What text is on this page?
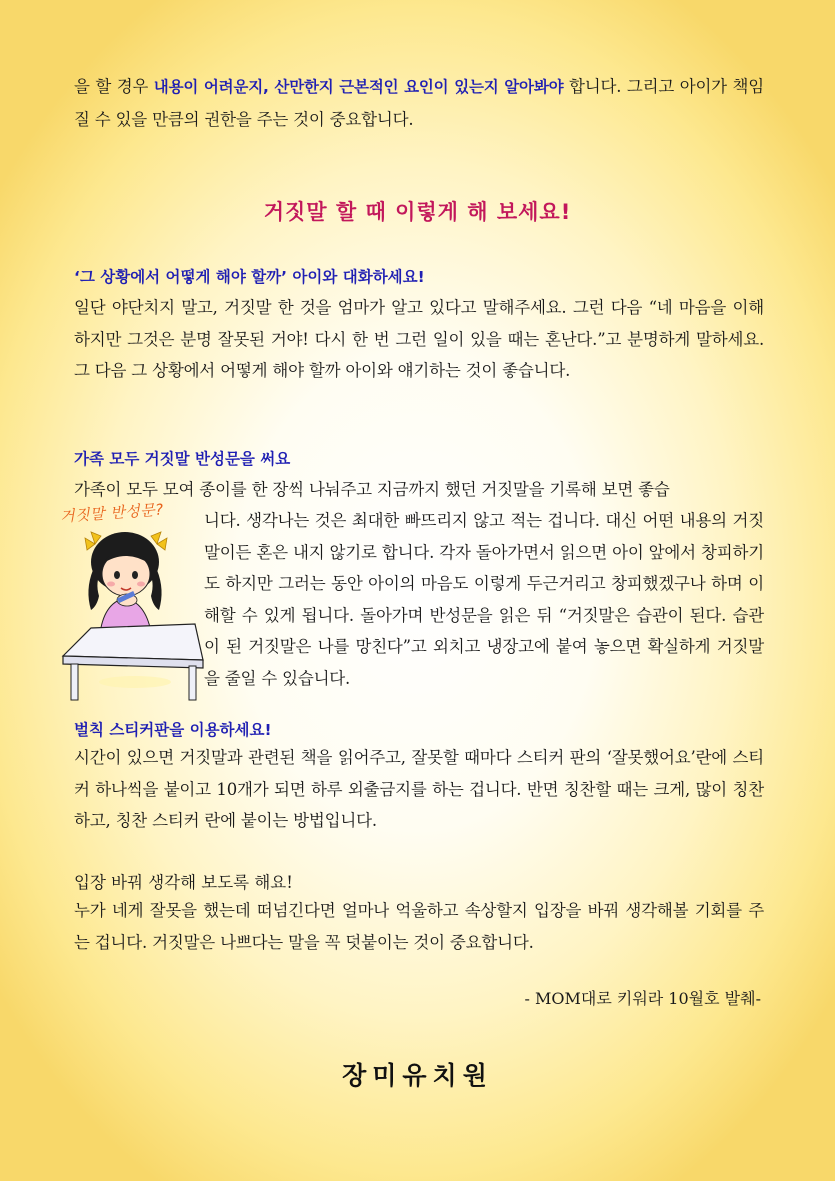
을 할 경우 내용이 어려운지, 산만한지 근본적인 요인이 있는지 알아봐야 합니다. 그리고 아이가 책임질 수 있을 만큼의 권한을 주는 것이 중요합니다.

거짓말 할 때 이렇게 해 보세요!
‘그 상황에서 어떻게 해야 할까’ 아이와 대화하세요!

일단 야단치지 말고, 거짓말 한 것을 엄마가 알고 있다고 말해주세요. 그런 다음 “네 마음을 이해 하지만 그것은 분명 잘못된 거야! 다시 한 번 그런 일이 있을 때는 혼난다.”고 분명하게 말하세요. 그 다음 그 상황에서 어떻게 해야 할까 아이와 얘기하는 것이 좋습니다.

가족 모두 거짓말 반성문을 써요

가족이 모두 모여 종이를 한 장씩 나눠주고 지금까지 했던 거짓말을 기록해 보면 좋습

거짓말 반성문? 니다. 생각나는 것은 최대한 빠뜨리지 않고 적는 겁니다. 대신 어떤 내용의 거짓말이든 혼은 내지 않기로 합니다. 각자 돌아가면서 읽으면 아이 앞에서 창피하기도 하지만 그러는 동안 아이의 마음도 이렇게 두근거리고 창피했겠구나 하며 이해할 수 있게 됩니다. 돌아가며 반성문을 읽은 뒤 “거짓말은 습관이 된다. 습관이 된 거짓말은 나를 망친다”고 외치고 냉장고에 붙여 놓으면 확실하게 거짓말을 줄일 수 있습니다.

벌칙 스티커판을 이용하세요!

시간이 있으면 거짓말과 관련된 책을 읽어주고, 잘못할 때마다 스티커 판의 ‘잘못했어요’란에 스티커 하나씩을 붙이고 10개가 되면 하루 외출금지를 하는 겁니다. 반면 칭찬할 때는 크게, 많이 칭찬하고, 칭찬 스티커 란에 붙이는 방법입니다.

입장 바꿔 생각해 보도록 해요!

누가 네게 잘못을 했는데 떠넘긴다면 얼마나 억울하고 속상할지 입장을 바꿔 생각해볼 기회를 주는 겁니다. 거짓말은 나쁘다는 말을 꼭 덧붙이는 것이 중요합니다.

- MOM대로 키워라 10월호 발췌-
장미유치원
